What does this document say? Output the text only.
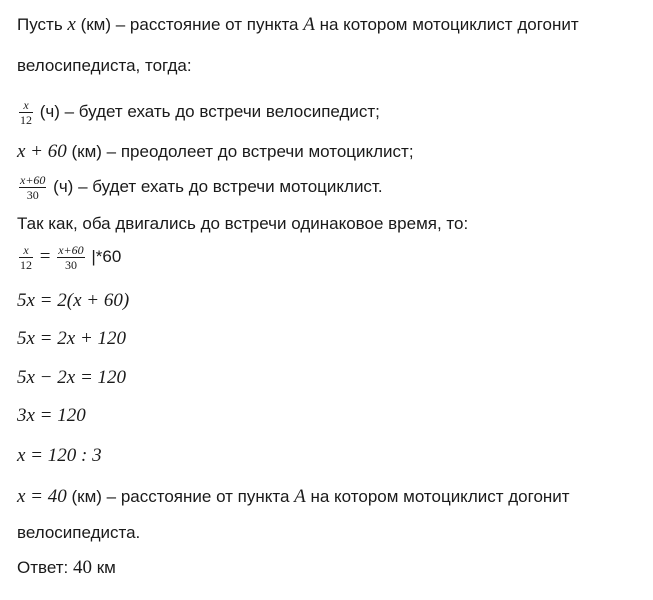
Пусть x (км) – расстояние от пункта A на котором мотоциклист догонит
велосипедиста, тогда:
$\frac{x}{12} (ч)$ – будет ехать до встречи велосипедист;
x + 60 (км) – преодолеет до встречи мотоциклист;
$\frac{x+60}{30} (ч)$ – будет ехать до встречи мотоциклист.
Так как, оба двигались до встречи одинаковое время, то:
$\frac{x}{12} = \frac{x+60}{30} |*60$
5x = 2(x + 60)
5x = 2x + 120
5x − 2x = 120
3x = 120
x = 120 : 3
x = 40 (км) – расстояние от пункта A на котором мотоциклист догонит
велосипедиста.
Ответ: 40 км
